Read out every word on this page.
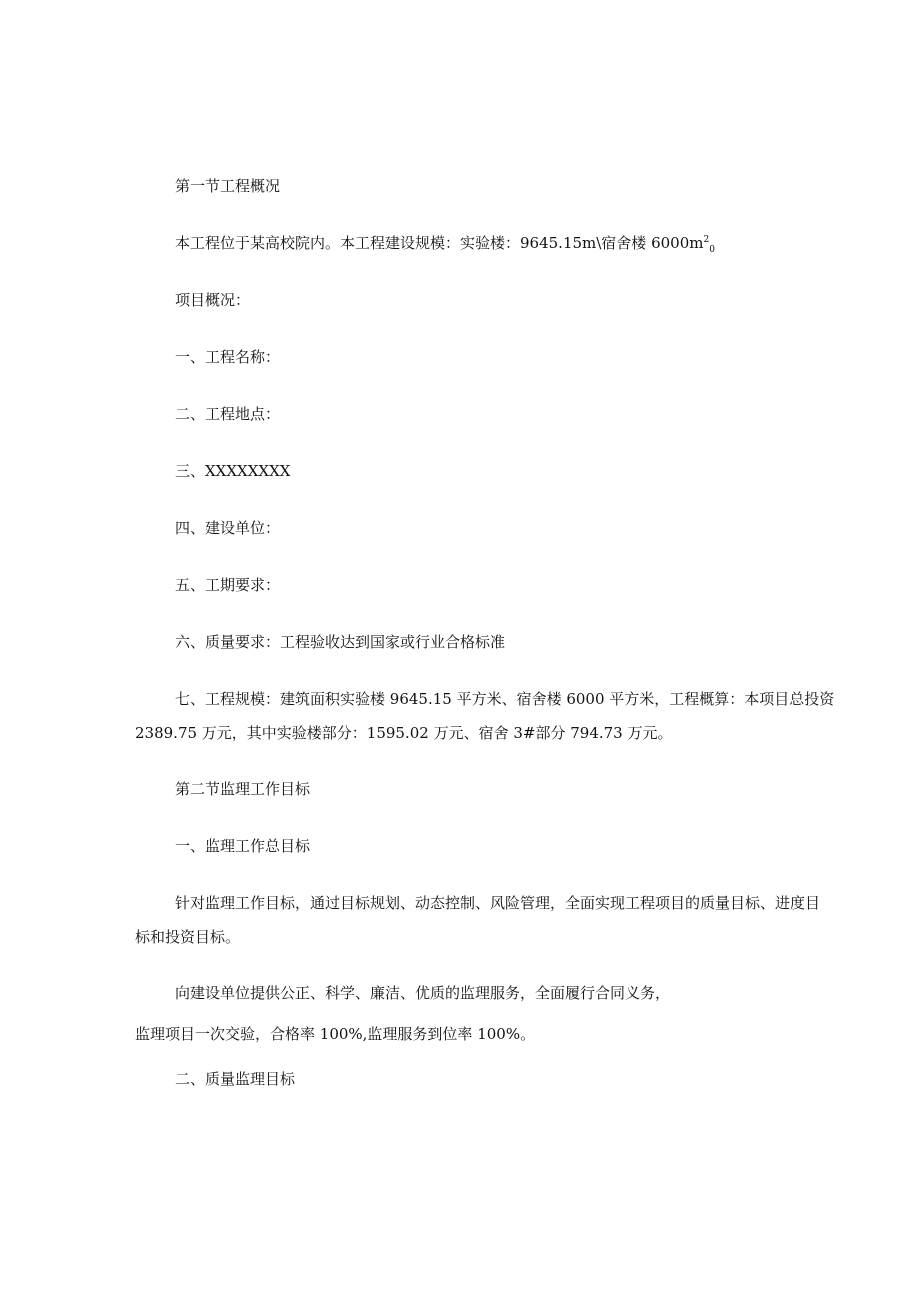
第一节工程概况
本工程位于某高校院内。本工程建设规模：实验楼：9645.15m\宿舍楼 $6000m^2_0$
项目概况：
一、工程名称：
二、工程地点：
三、XXXXXXXX
四、建设单位：
五、工期要求：
六、质量要求：工程验收达到国家或行业合格标准
七、工程规模：建筑面积实验楼 9645.15 平方米、宿舍楼 6000 平方米，工程概算：本项目总投资
2389.75 万元，其中实验楼部分：1595.02 万元、宿舍 3#部分 794.73 万元。
第二节监理工作目标
一、监理工作总目标
针对监理工作目标，通过目标规划、动态控制、风险管理，全面实现工程项目的质量目标、进度目
标和投资目标。
向建设单位提供公正、科学、廉洁、优质的监理服务，全面履行合同义务，
监理项目一次交验，合格率 100%,监理服务到位率 100%。
二、质量监理目标
